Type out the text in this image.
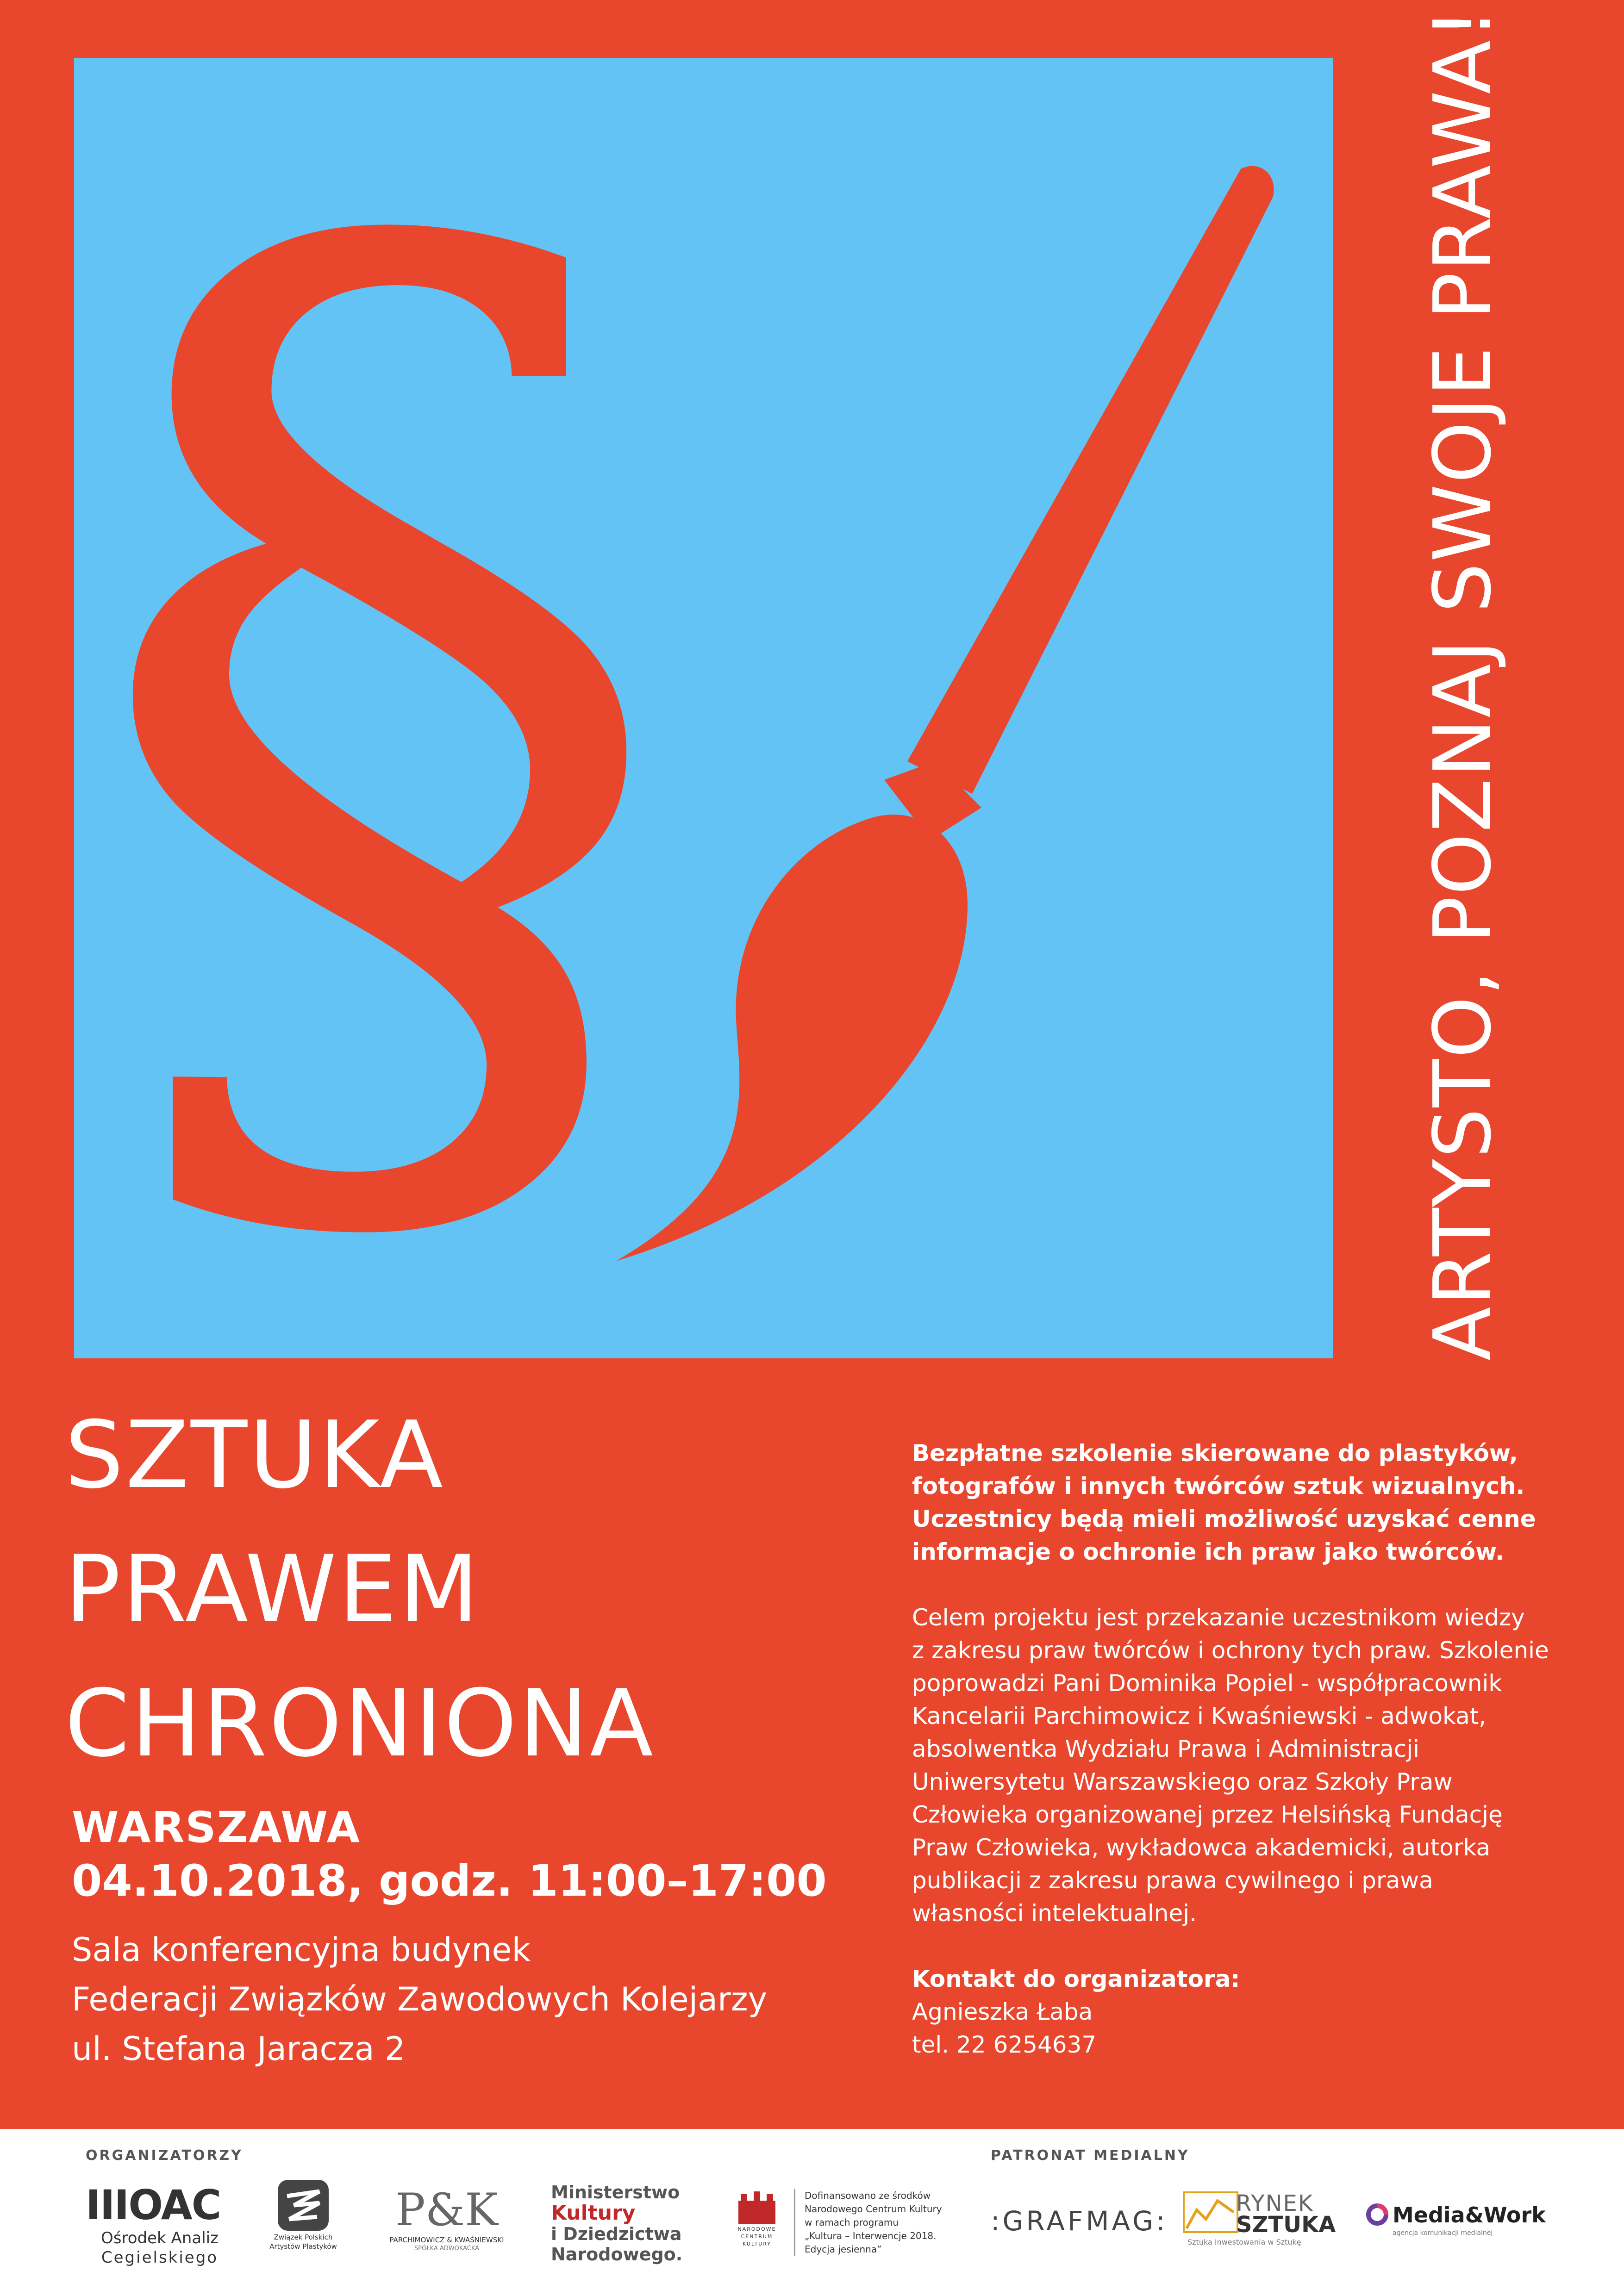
§	ARTYSTO, POZNAJ SWOJE PRAWA!
SZTUKA
PRAWEM
CHRONIONA
WARSZAWA
04.10.2018, godz. 11:00–17:00
Sala konferencyjna budynek
Federacji Związków Zawodowych Kolejarzy
ul. Stefana Jaracza 2
Bezpłatne szkolenie skierowane do plastyków,
fotografów i innych twórców sztuk wizualnych.
Uczestnicy będą mieli możliwość uzyskać cenne
informacje o ochronie ich praw jako twórców.
Celem projektu jest przekazanie uczestnikom wiedzy
z zakresu praw twórców i ochrony tych praw. Szkolenie
poprowadzi Pani Dominika Popiel - współpracownik
Kancelarii Parchimowicz i Kwaśniewski - adwokat,
absolwentka Wydziału Prawa i Administracji
Uniwersytetu Warszawskiego oraz Szkoły Praw
Człowieka organizowanej przez Helsińską Fundację
Praw Człowieka, wykładowca akademicki, autorka
publikacji z zakresu prawa cywilnego i prawa
własności intelektualnej.
Kontakt do organizatora:
Agnieszka Łaba
tel. 22 6254637
ORGANIZATORZY	PATRONAT MEDIALNY
IIIOAC
Ośrodek Analiz
Cegielskiego
Związek Polskich
Artystów Plastyków
P&K
PARCHIMOWICZ & KWAŚNIEWSKI
SPÓŁKA ADWOKACKA
Ministerstwo
Kultury
i Dziedzictwa
Narodowego.
NARODOWE
CENTRUM
KULTURY
Dofinansowano ze środków
Narodowego Centrum Kultury
w ramach programu
„Kultura – Interwencje 2018.
Edycja jesienna”
:GRAFMAG:
RYNEK
SZTUKA
Sztuka Inwestowania w Sztukę
Media&Work
agencja komunikacji medialnej
